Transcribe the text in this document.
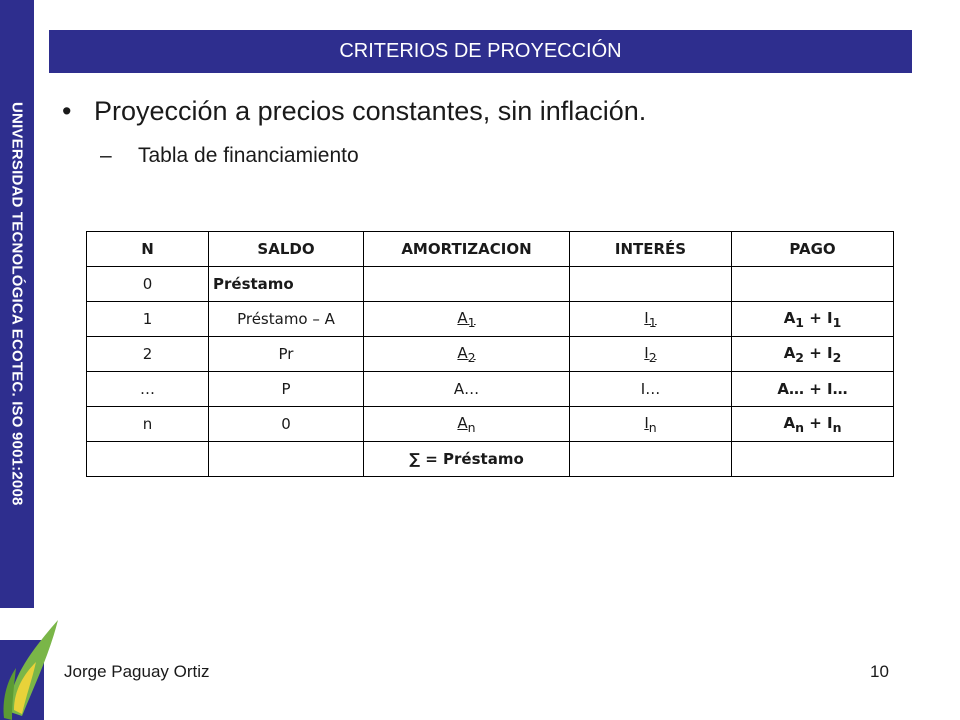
UNIVERSIDAD TECNOLÓGICA ECOTEC. ISO 9001:2008
CRITERIOS DE PROYECCIÓN
• Proyección a precios constantes, sin inflación.
– Tabla de financiamiento
N	SALDO	AMORTIZACION	INTERÉS	PAGO
0	Préstamo			
1	Préstamo – A	$A_1$	$I_1$	$A_1 + I_1$
2	Pr	$A_2$	$I_2$	$A_2 + I_2$
…	P	A…	I…	A… + I…
n	0	$A_n$	$I_n$	$A_n + I_n$
		∑ = Préstamo		
Jorge Paguay Ortiz	10
